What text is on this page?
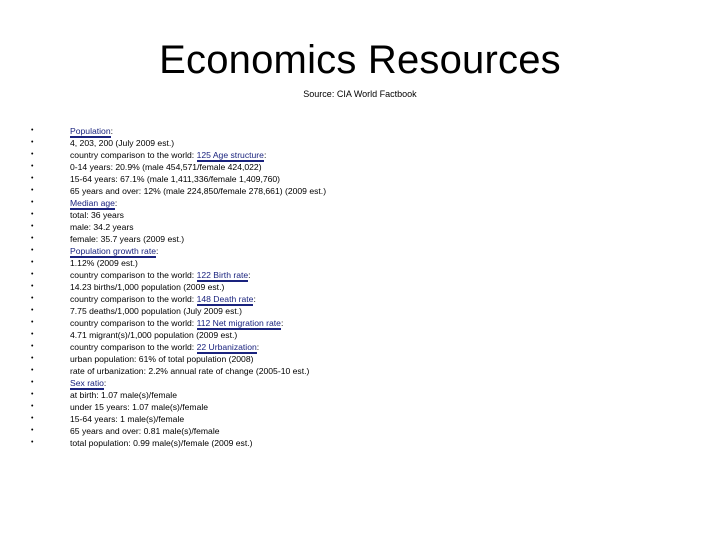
Economics Resources
Source: CIA World Factbook
•	Population:
•	4, 203, 200 (July 2009 est.)
•	country comparison to the world: 125 Age structure:
•	0-14 years: 20.9% (male 454,571/female 424,022)
•	15-64 years: 67.1% (male 1,411,336/female 1,409,760)
•	65 years and over: 12% (male 224,850/female 278,661) (2009 est.)
•	Median age:
•	total: 36 years
•	male: 34.2 years
•	female: 35.7 years (2009 est.)
•	Population growth rate:
•	1.12% (2009 est.)
•	country comparison to the world: 122 Birth rate:
•	14.23 births/1,000 population (2009 est.)
•	country comparison to the world: 148 Death rate:
•	7.75 deaths/1,000 population (July 2009 est.)
•	country comparison to the world: 112 Net migration rate:
•	4.71 migrant(s)/1,000 population (2009 est.)
•	country comparison to the world: 22 Urbanization:
•	urban population: 61% of total population (2008)
•	rate of urbanization: 2.2% annual rate of change (2005-10 est.)
•	Sex ratio:
•	at birth: 1.07 male(s)/female
•	under 15 years: 1.07 male(s)/female
•	15-64 years: 1 male(s)/female
•	65 years and over: 0.81 male(s)/female
•	total population: 0.99 male(s)/female (2009 est.)
